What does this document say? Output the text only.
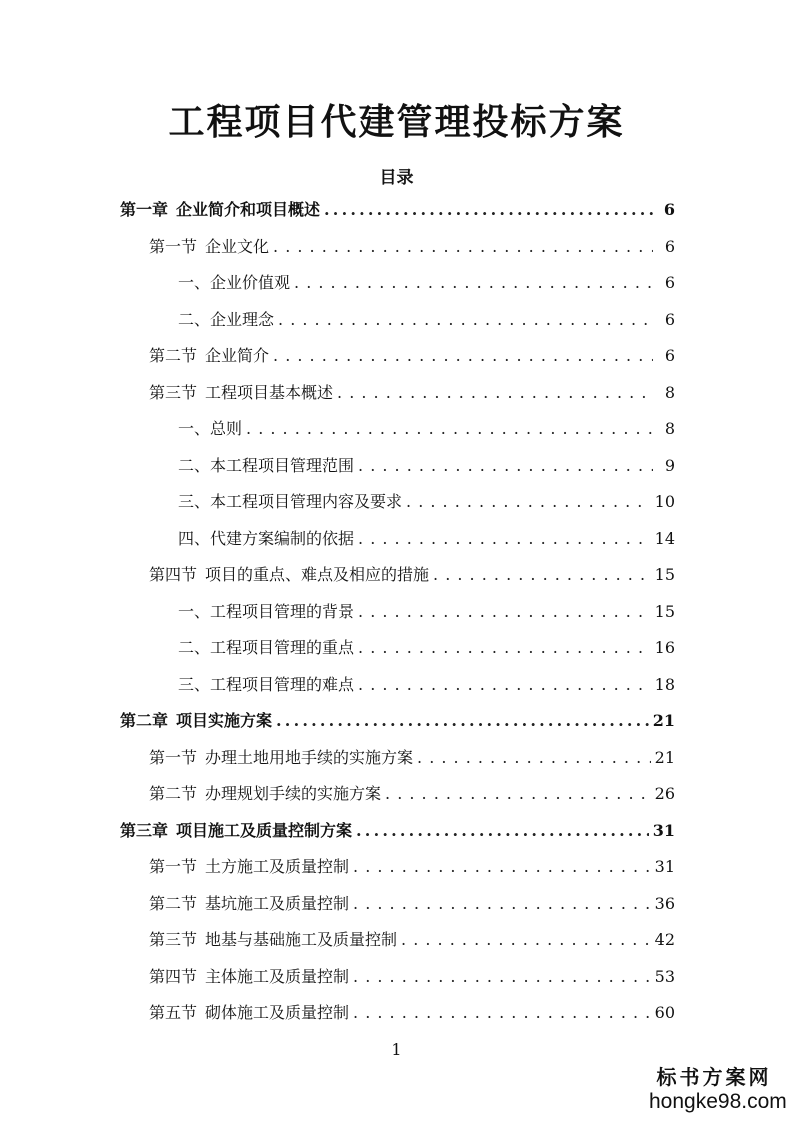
工程项目代建管理投标方案
目录
第一章 企业简介和项目概述 .....	6
第一节 企业文化 . . .	6
一、企业价值观 . . .	6
二、企业理念 . . .	6
第二节 企业简介 . . .	6
第三节 工程项目基本概述 . . .	8
一、总则 . . .	8
二、本工程项目管理范围 . . .	9
三、本工程项目管理内容及要求 . . .	10
四、代建方案编制的依据 . . .	14
第四节 项目的重点、难点及相应的措施 . . .	15
一、工程项目管理的背景 . . .	15
二、工程项目管理的重点 . . .	16
三、工程项目管理的难点 . . .	18
第二章 项目实施方案 .....	21
第一节 办理土地用地手续的实施方案 . . .	21
第二节 办理规划手续的实施方案 . . .	26
第三章 项目施工及质量控制方案 .....	31
第一节 土方施工及质量控制 . . .	31
第二节 基坑施工及质量控制 . . .	36
第三节 地基与基础施工及质量控制 . . .	42
第四节 主体施工及质量控制 . . .	53
第五节 砌体施工及质量控制 . . .	60
1
标书方案网
hongke98.com
